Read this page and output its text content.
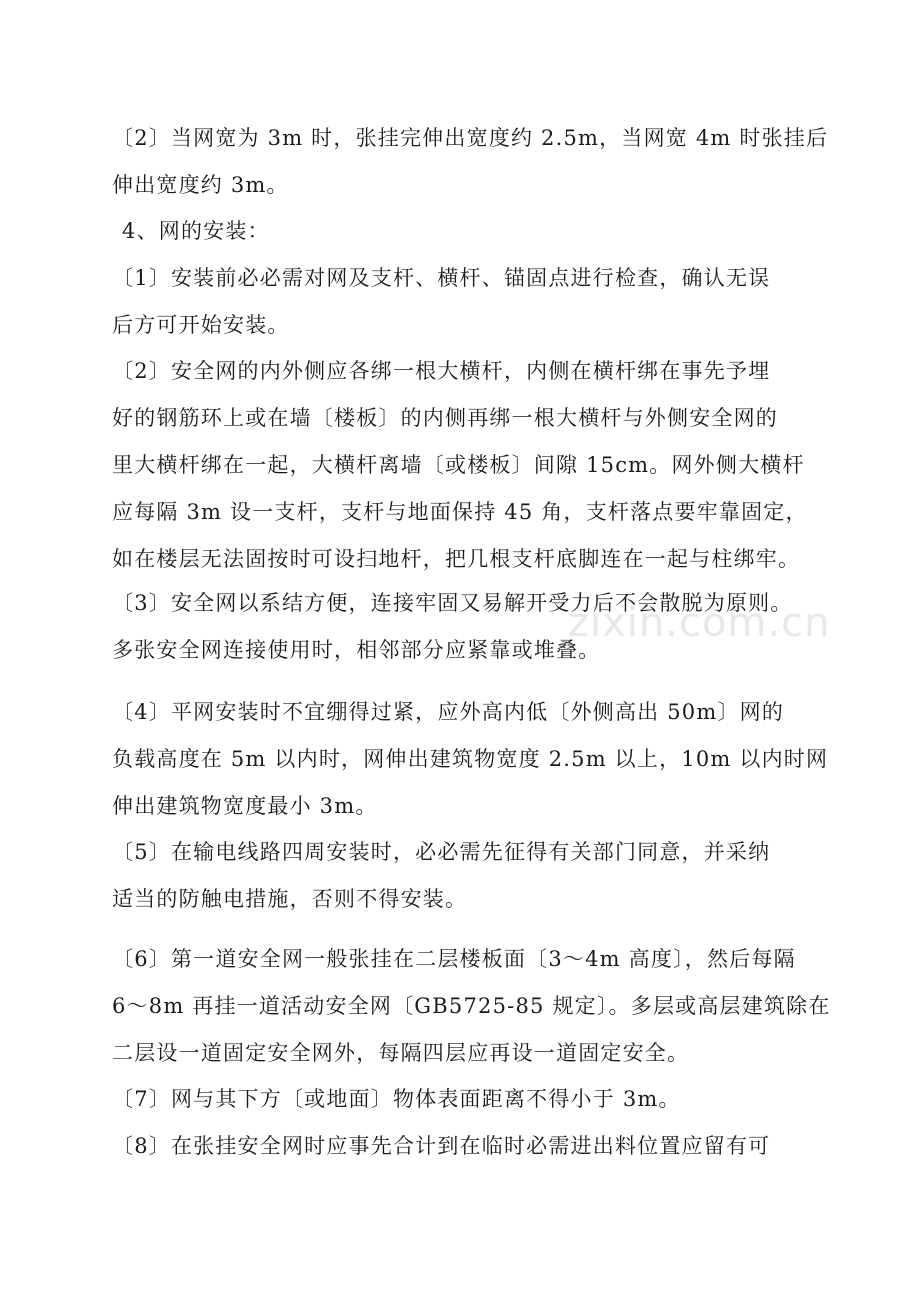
〔2〕当网宽为 3m 时，张挂完伸出宽度约 2.5m，当网宽 4m 时张挂后
伸出宽度约 3m。

4、网的安装：

〔1〕安装前必必需对网及支杆、横杆、锚固点进行检查，确认无误
后方可开始安装。

〔2〕安全网的内外侧应各绑一根大横杆，内侧在横杆绑在事先予埋
好的钢筋环上或在墙〔楼板〕的内侧再绑一根大横杆与外侧安全网的
里大横杆绑在一起，大横杆离墙〔或楼板〕间隙 15cm。网外侧大横杆
应每隔 3m 设一支杆，支杆与地面保持 45 角，支杆落点要牢靠固定，
如在楼层无法固按时可设扫地杆，把几根支杆底脚连在一起与柱绑牢。

〔3〕安全网以系结方便，连接牢固又易解开受力后不会散脱为原则。
多张安全网连接使用时，相邻部分应紧靠或堆叠。

〔4〕平网安装时不宜绷得过紧，应外高内低〔外侧高出 50m〕网的
负载高度在 5m 以内时，网伸出建筑物宽度 2.5m 以上，10m 以内时网
伸出建筑物宽度最小 3m。

〔5〕在输电线路四周安装时，必必需先征得有关部门同意，并采纳
适当的防触电措施，否则不得安装。

〔6〕第一道安全网一般张挂在二层楼板面〔3～4m 高度〕，然后每隔
6～8m 再挂一道活动安全网〔GB5725-85 规定〕。多层或高层建筑除在
二层设一道固定安全网外，每隔四层应再设一道固定安全。

〔7〕网与其下方〔或地面〕物体表面距离不得小于 3m。

〔8〕在张挂安全网时应事先合计到在临时必需进出料位置应留有可

zixin.com.cn
